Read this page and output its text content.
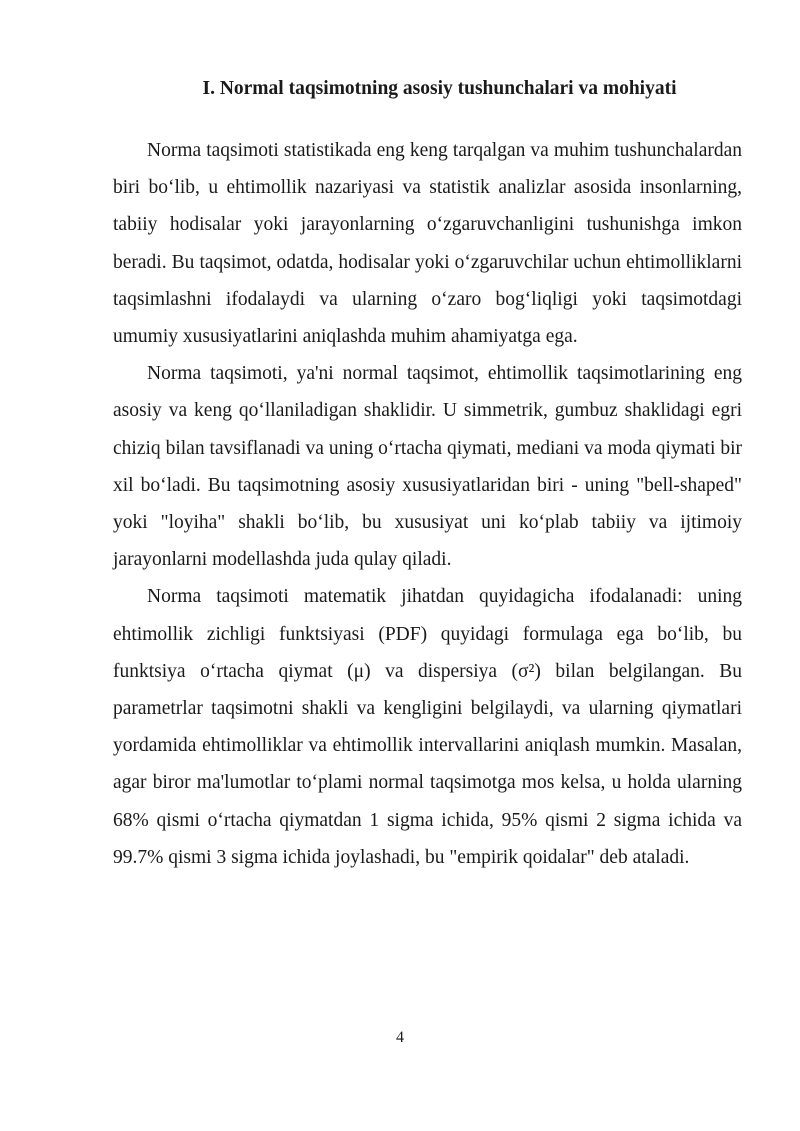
I. Normal taqsimotning asosiy tushunchalari va mohiyati

Norma taqsimoti statistikada eng keng tarqalgan va muhim tushunchalardan biri bo‘lib, u ehtimollik nazariyasi va statistik analizlar asosida insonlarning, tabiiy hodisalar yoki jarayonlarning o‘zgaruvchanligini tushunishga imkon beradi. Bu taqsimot, odatda, hodisalar yoki o‘zgaruvchilar uchun ehtimolliklarni taqsimlashni ifodalaydi va ularning o‘zaro bog‘liqligi yoki taqsimotdagi umumiy xususiyatlarini aniqlashda muhim ahamiyatga ega.

Norma taqsimoti, ya'ni normal taqsimot, ehtimollik taqsimotlarining eng asosiy va keng qo‘llaniladigan shaklidir. U simmetrik, gumbuz shaklidagi egri chiziq bilan tavsiflanadi va uning o‘rtacha qiymati, mediani va moda qiymati bir xil bo‘ladi. Bu taqsimotning asosiy xususiyatlaridan biri - uning "bell-shaped" yoki "loyiha" shakli bo‘lib, bu xususiyat uni ko‘plab tabiiy va ijtimoiy jarayonlarni modellashda juda qulay qiladi.

Norma taqsimoti matematik jihatdan quyidagicha ifodalanadi: uning ehtimollik zichligi funktsiyasi (PDF) quyidagi formulaga ega bo‘lib, bu funktsiya o‘rtacha qiymat (μ) va dispersiya (σ²) bilan belgilangan. Bu parametrlar taqsimotni shakli va kengligini belgilaydi, va ularning qiymatlari yordamida ehtimolliklar va ehtimollik intervallarini aniqlash mumkin. Masalan, agar biror ma'lumotlar to‘plami normal taqsimotga mos kelsa, u holda ularning 68% qismi o‘rtacha qiymatdan 1 sigma ichida, 95% qismi 2 sigma ichida va 99.7% qismi 3 sigma ichida joylashadi, bu "empirik qoidalar" deb ataladi.

4
